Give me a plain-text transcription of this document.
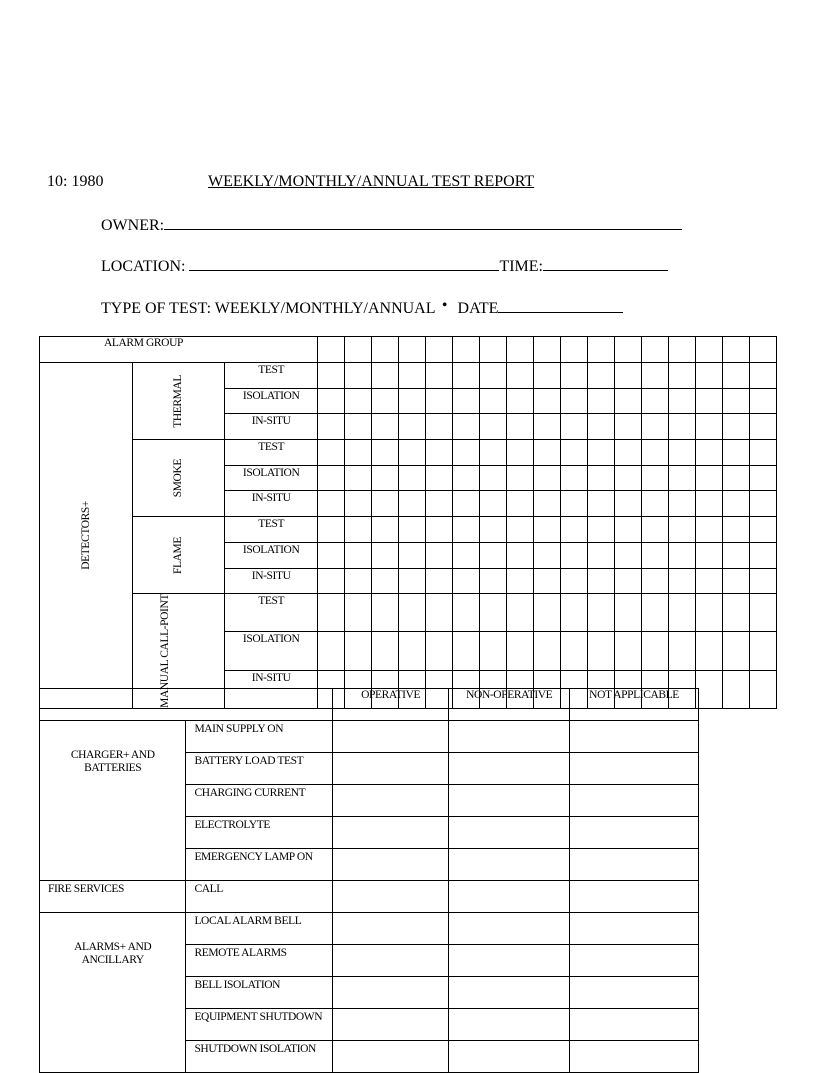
10: 1980	WEEKLY/MONTHLY/ANNUAL TEST REPORT
OWNER:
LOCATION:	TIME:
TYPE OF TEST: WEEKLY/MONTHLY/ANNUAL • DATE
ALARM GROUP																			

DETECTORS+	THERMAL	TEST																	
		ISOLATION																	
		IN-SITU																	

	SMOKE	TEST																	
		ISOLATION																	
		IN-SITU																	

	FLAME	TEST																	
		ISOLATION																	
		IN-SITU																	

	MANUAL CALL-POINT	TEST																	
		ISOLATION																	
		IN-SITU																	
		OPERATIVE	NON-OPERATIVE	NOT APPLICABLE
CHARGER+ AND BATTERIES	MAIN SUPPLY ON			
	BATTERY LOAD TEST			
	CHARGING CURRENT			
	ELECTROLYTE			
	EMERGENCY LAMP ON			
FIRE SERVICES	CALL			
ALARMS+ AND ANCILLARY	LOCAL ALARM BELL			
	REMOTE ALARMS			
	BELL ISOLATION			
	EQUIPMENT SHUTDOWN			
	SHUTDOWN ISOLATION			
